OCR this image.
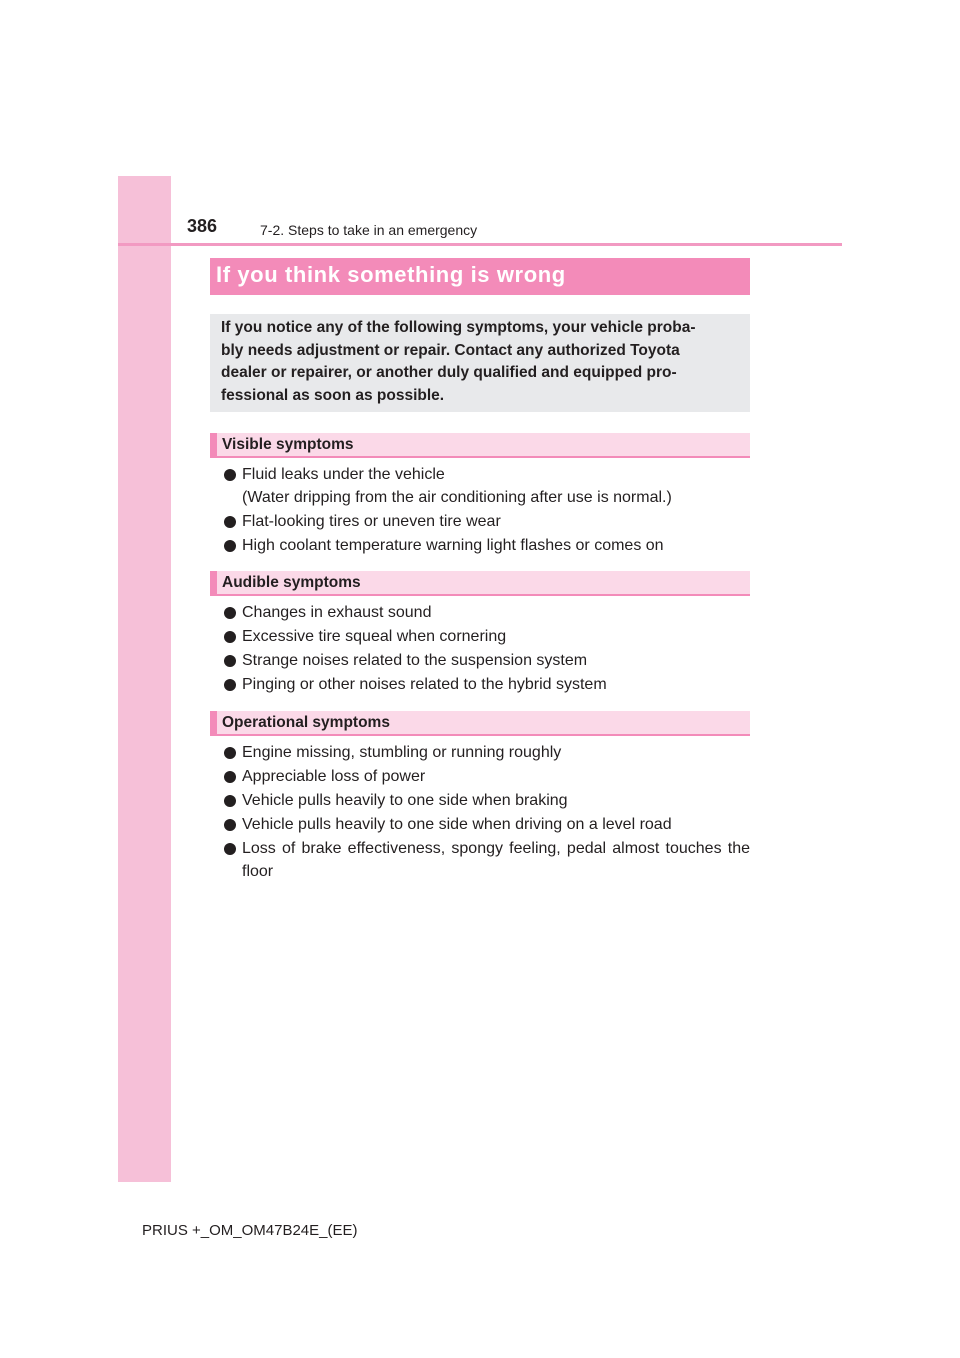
386	7-2. Steps to take in an emergency
If you think something is wrong

If you notice any of the following symptoms, your vehicle proba-
bly needs adjustment or repair. Contact any authorized Toyota
dealer or repairer, or another duly qualified and equipped pro-
fessional as soon as possible.

Visible symptoms
Fluid leaks under the vehicle
(Water dripping from the air conditioning after use is normal.)
Flat-looking tires or uneven tire wear
High coolant temperature warning light flashes or comes on
Audible symptoms
Changes in exhaust sound
Excessive tire squeal when cornering
Strange noises related to the suspension system
Pinging or other noises related to the hybrid system
Operational symptoms
Engine missing, stumbling or running roughly
Appreciable loss of power
Vehicle pulls heavily to one side when braking
Vehicle pulls heavily to one side when driving on a level road
Loss of brake effectiveness, spongy feeling, pedal almost touches the floor
PRIUS +_OM_OM47B24E_(EE)
